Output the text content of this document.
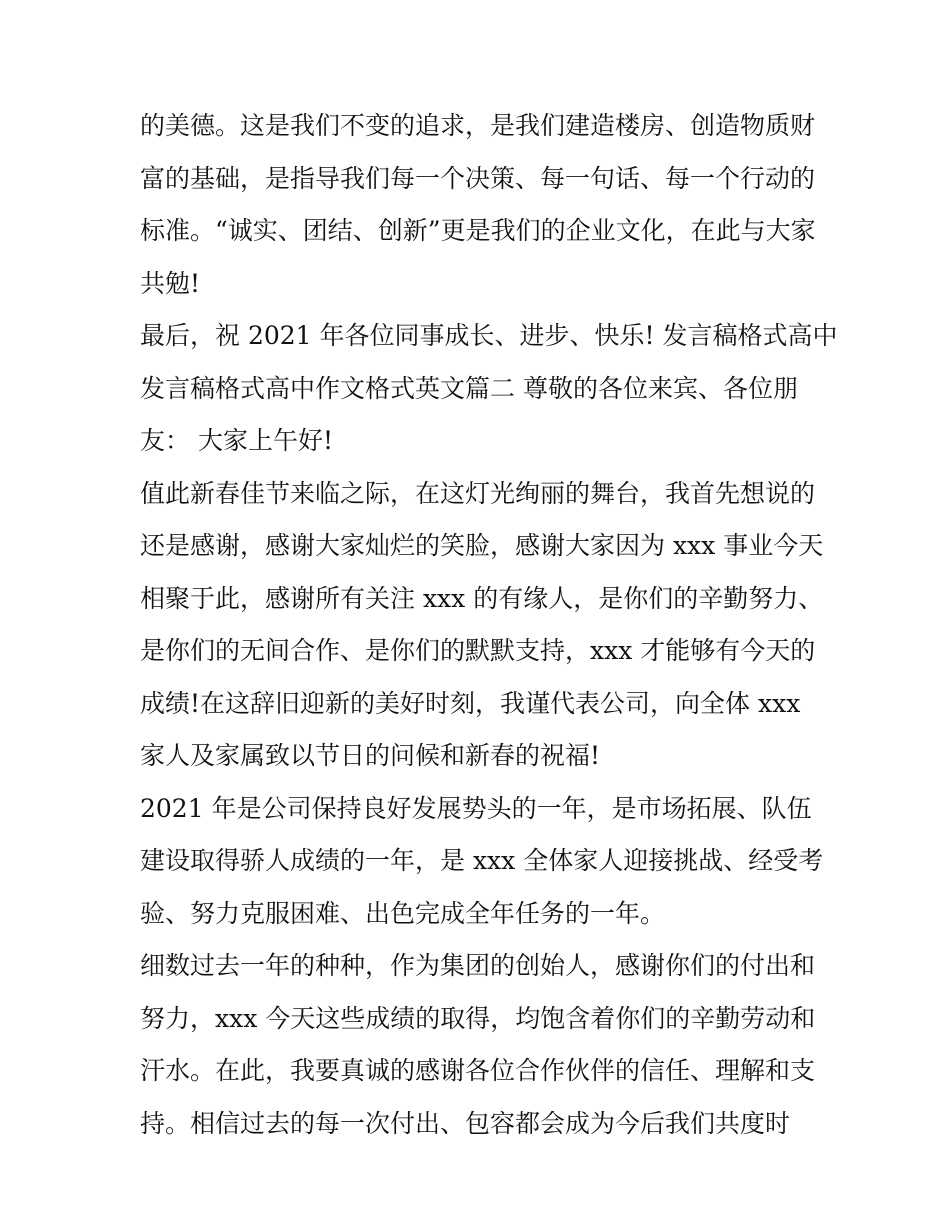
的美德。这是我们不变的追求，是我们建造楼房、创造物质财
富的基础，是指导我们每一个决策、每一句话、每一个行动的
标准。“诚实、团结、创新”更是我们的企业文化，在此与大家
共勉!
最后，祝 2021 年各位同事成长、进步、快乐! 发言稿格式高中
发言稿格式高中作文格式英文篇二 尊敬的各位来宾、各位朋
友： 大家上午好!
值此新春佳节来临之际，在这灯光绚丽的舞台，我首先想说的
还是感谢，感谢大家灿烂的笑脸，感谢大家因为 xxx 事业今天
相聚于此，感谢所有关注 xxx 的有缘人，是你们的辛勤努力、
是你们的无间合作、是你们的默默支持，xxx 才能够有今天的
成绩!在这辞旧迎新的美好时刻，我谨代表公司，向全体 xxx
家人及家属致以节日的问候和新春的祝福!
2021 年是公司保持良好发展势头的一年，是市场拓展、队伍
建设取得骄人成绩的一年，是 xxx 全体家人迎接挑战、经受考
验、努力克服困难、出色完成全年任务的一年。
细数过去一年的种种，作为集团的创始人，感谢你们的付出和
努力，xxx 今天这些成绩的取得，均饱含着你们的辛勤劳动和
汗水。在此，我要真诚的感谢各位合作伙伴的信任、理解和支
持。相信过去的每一次付出、包容都会成为今后我们共度时
